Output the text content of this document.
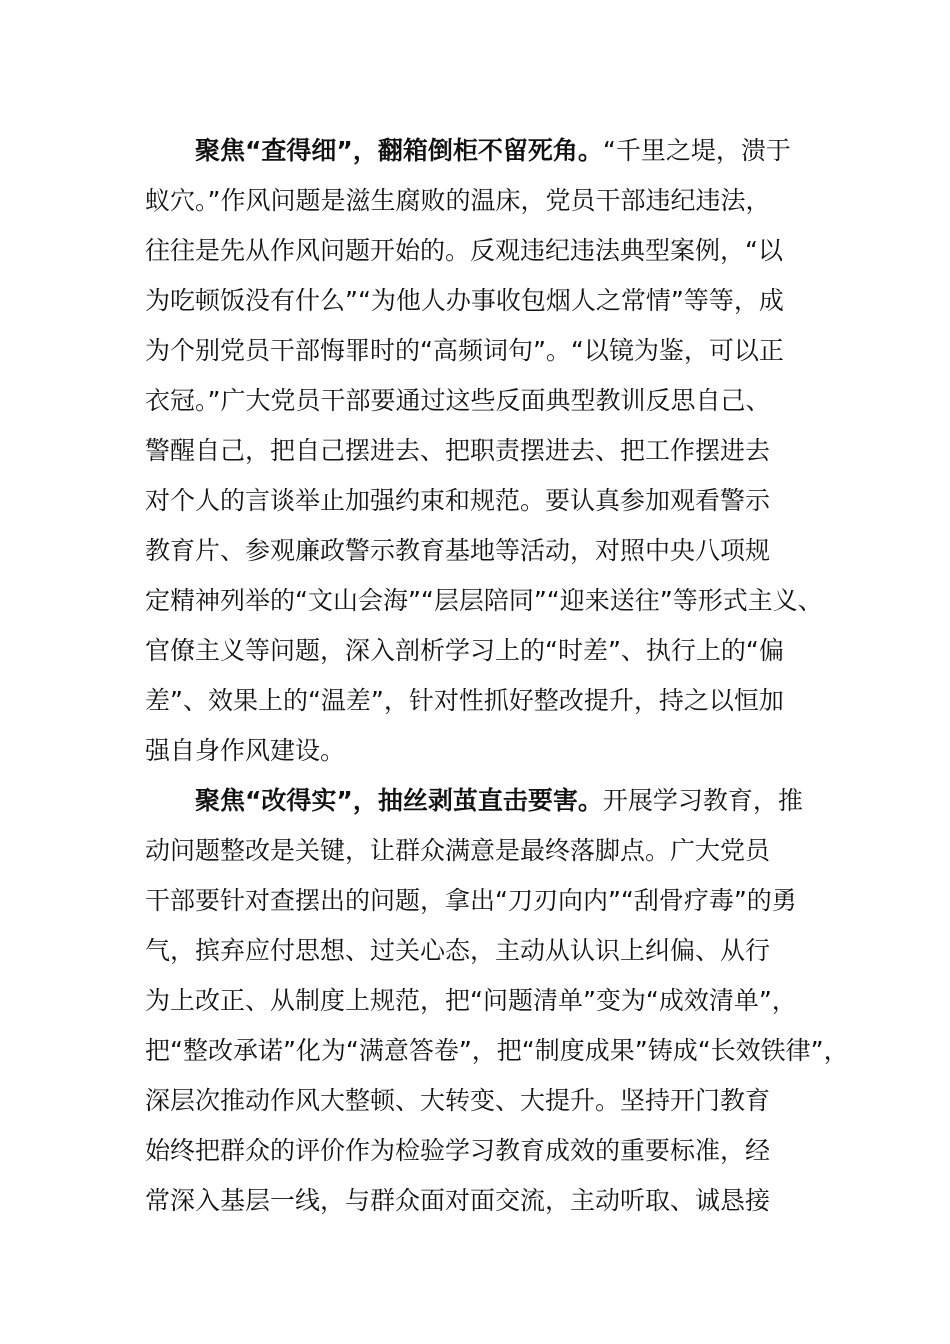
聚焦“查得细”，翻箱倒柜不留死角。“千里之堤，溃于
蚁穴。”作风问题是滋生腐败的温床，党员干部违纪违法，
往往是先从作风问题开始的。反观违纪违法典型案例，“以
为吃顿饭没有什么”“为他人办事收包烟人之常情”等等，成
为个别党员干部悔罪时的“高频词句”。“以镜为鉴，可以正
衣冠。”广大党员干部要通过这些反面典型教训反思自己、
警醒自己，把自己摆进去、把职责摆进去、把工作摆进去
对个人的言谈举止加强约束和规范。要认真参加观看警示
教育片、参观廉政警示教育基地等活动，对照中央八项规
定精神列举的“文山会海”“层层陪同”“迎来送往”等形式主义、
官僚主义等问题，深入剖析学习上的“时差”、执行上的“偏
差”、效果上的“温差”，针对性抓好整改提升，持之以恒加
强自身作风建设。
聚焦“改得实”，抽丝剥茧直击要害。开展学习教育，推
动问题整改是关键，让群众满意是最终落脚点。广大党员
干部要针对查摆出的问题，拿出“刀刃向内”“刮骨疗毒”的勇
气，摈弃应付思想、过关心态，主动从认识上纠偏、从行
为上改正、从制度上规范，把“问题清单”变为“成效清单”，
把“整改承诺”化为“满意答卷”，把“制度成果”铸成“长效铁律”，
深层次推动作风大整顿、大转变、大提升。坚持开门教育
始终把群众的评价作为检验学习教育成效的重要标准，经
常深入基层一线，与群众面对面交流，主动听取、诚恳接
